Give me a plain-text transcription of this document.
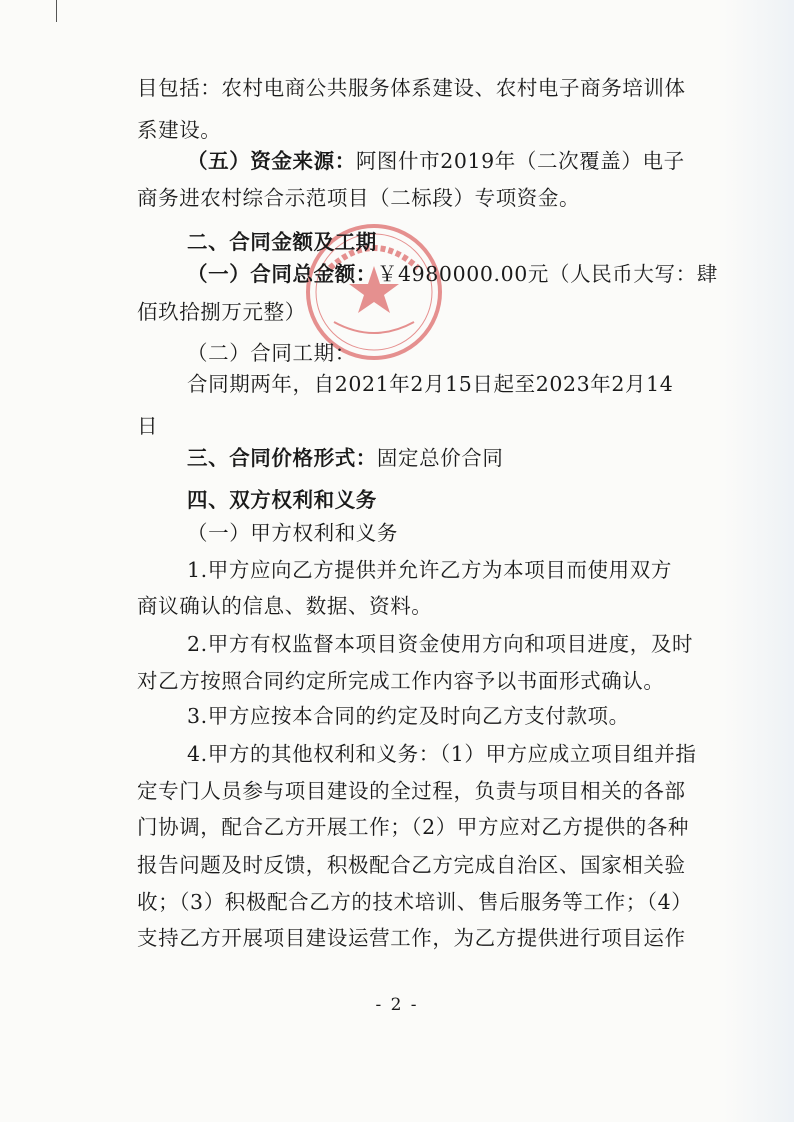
目包括：农村电商公共服务体系建设、农村电子商务培训体
系建设。
（五）资金来源：阿图什市2019年（二次覆盖）电子
商务进农村综合示范项目（二标段）专项资金。
二、合同金额及工期
（一）合同总金额：￥4980000.00元（人民币大写：肆
佰玖拾捌万元整）
（二）合同工期：
合同期两年，自2021年2月15日起至2023年2月14
日
三、合同价格形式：固定总价合同
四、双方权利和义务
（一）甲方权利和义务
1.甲方应向乙方提供并允许乙方为本项目而使用双方
商议确认的信息、数据、资料。
2.甲方有权监督本项目资金使用方向和项目进度，及时
对乙方按照合同约定所完成工作内容予以书面形式确认。
3.甲方应按本合同的约定及时向乙方支付款项。
4.甲方的其他权利和义务：（1）甲方应成立项目组并指
定专门人员参与项目建设的全过程，负责与项目相关的各部
门协调，配合乙方开展工作；（2）甲方应对乙方提供的各种
报告问题及时反馈，积极配合乙方完成自治区、国家相关验
收；（3）积极配合乙方的技术培训、售后服务等工作；（4）
支持乙方开展项目建设运营工作，为乙方提供进行项目运作
- 2 -
